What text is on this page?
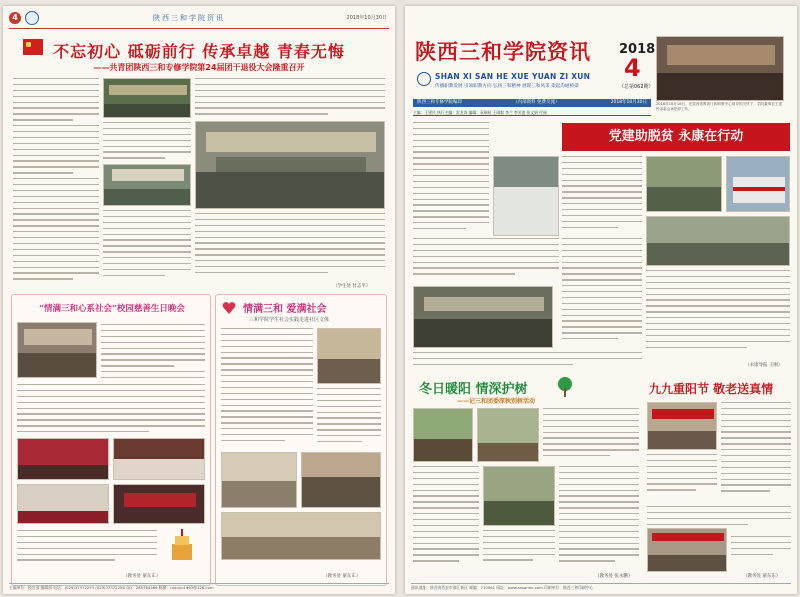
4	陕西三和学院资讯	2018年10月30日
不忘初心 砥砺前行 传承卓越 青春无悔
——共青团陕西三和专修学院第24届团干退役大会隆重召开
（学生处 付志平）
“情满三和心系社会”校园慈善生日晚会
（教务处 蒙东东）
情满三和 爱满社会
三和学院学生社会实践走进社区文体
（教务处 蒙东东）
主编单位：校宣部 编辑部 电话：(029)37372253 (029)37372256 QQ：285764466 邮箱：ruanyu1993@126.com
陕西三和学院资讯
SHAN XI SAN HE XUE YUAN ZI XUN
传播职教发展 引领职教方向 弘扬三和精神 展现三和风采 架起沟通桥梁
2018
4
（总第062期）
2018年10月16日，在陕西省教育厅和职教中心领导的关怀下，学院董事长王建民亲临会场指导工作。
陕西三和专修学院编印	（内部资料 免费交流）	2018年10月30日
主编：王建民 执行主编：雷龙涛 编辑：袁瑞权 王刚毅 李兰 李芳凌 张文娟 付丽
党建助脱贫 永康在行动
（永康导报 王刚）
冬日暖阳 情深护树
——记三和团委深秋别树活动
（教务处 张永鹏）
九九重阳节 敬老送真情
（教务处 蒙东东）
通讯地址：陕西省西安市曲江新区 邮编：710061 网址：www.sxsanhe.com 印刷单位：陕西三和印刷中心
